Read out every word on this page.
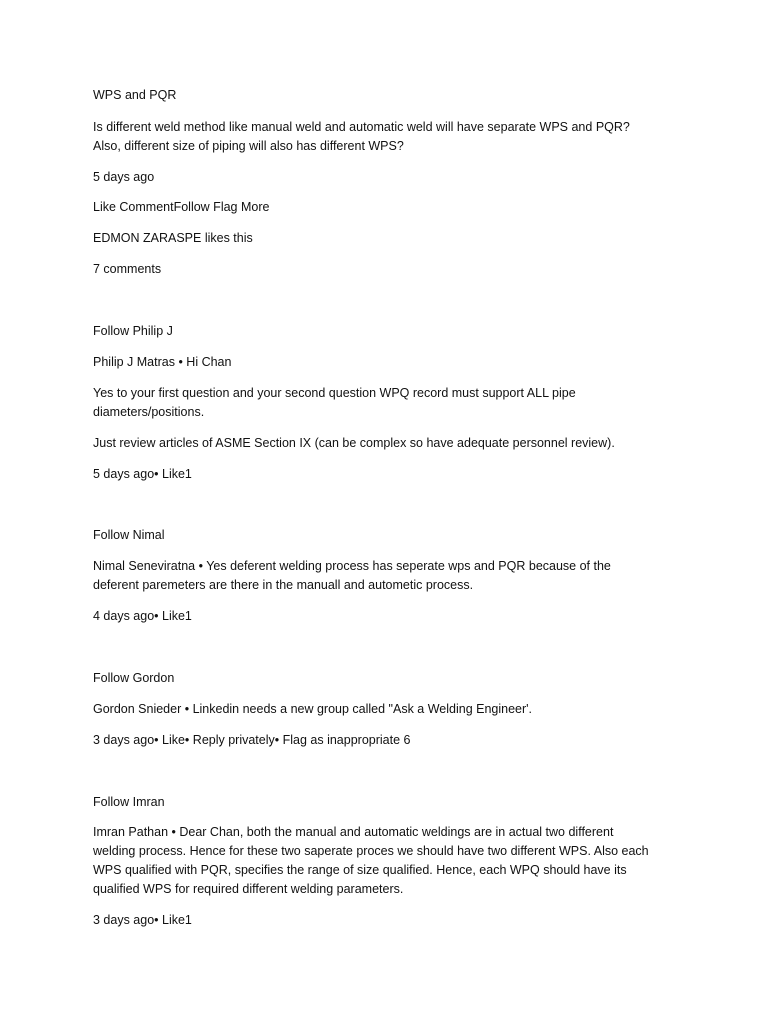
WPS and PQR
Is different weld method like manual weld and automatic weld will have separate WPS and PQR?
Also, different size of piping will also has different WPS?
5 days ago
Like CommentFollow Flag More
EDMON ZARASPE likes this
7 comments
Follow Philip J
Philip J Matras • Hi Chan
Yes to your first question and your second question WPQ record must support ALL pipe
diameters/positions.
Just review articles of ASME Section IX (can be complex so have adequate personnel review).
5 days ago• Like1
Follow Nimal
Nimal Seneviratna • Yes deferent welding process has seperate wps and PQR because of the
deferent paremeters are there in the manuall and autometic process.
4 days ago• Like1
Follow Gordon
Gordon Snieder • Linkedin needs a new group called "Ask a Welding Engineer'.
3 days ago• Like• Reply privately• Flag as inappropriate 6
Follow Imran
Imran Pathan • Dear Chan, both the manual and automatic weldings are in actual two different
welding process. Hence for these two saperate proces we should have two different WPS. Also each
WPS qualified with PQR, specifies the range of size qualified. Hence, each WPQ should have its
qualified WPS for required different welding parameters.
3 days ago• Like1
